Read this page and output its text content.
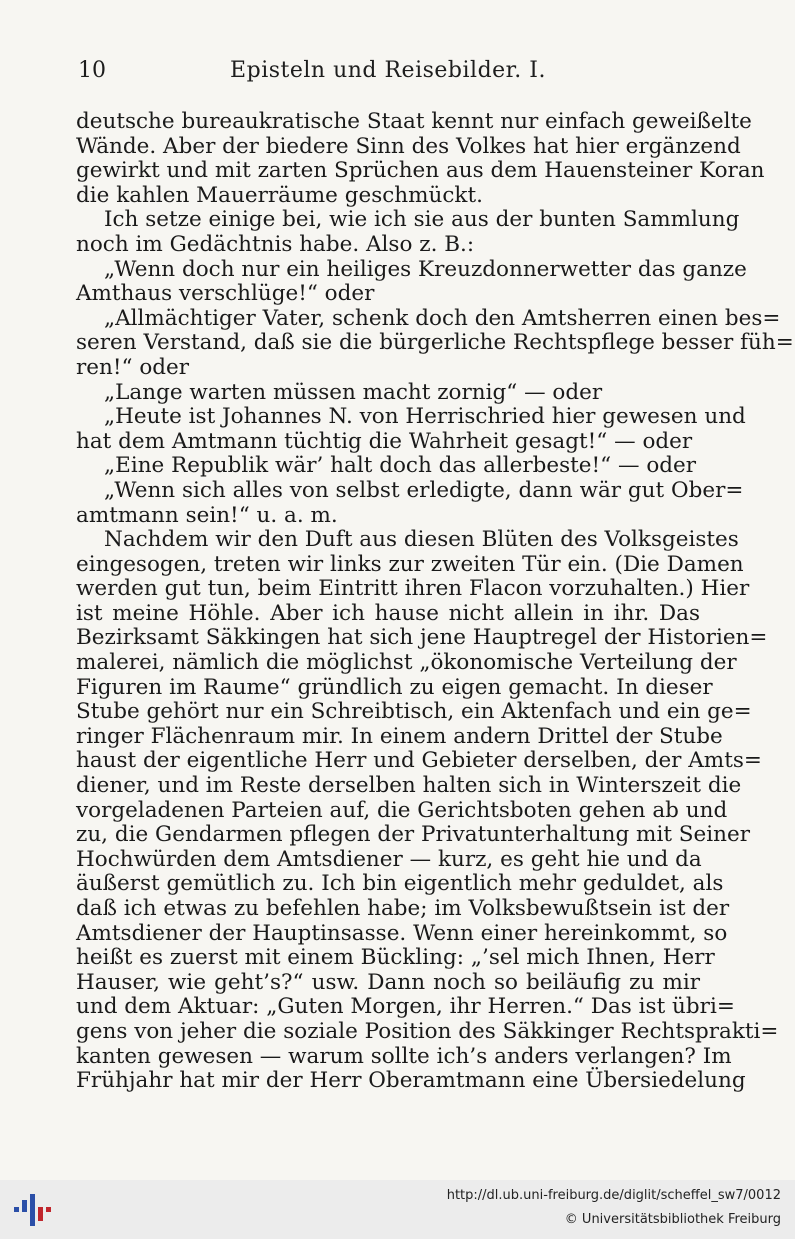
10	Episteln und Reisebilder. I.
deutsche bureaukratische Staat kennt nur einfach geweißelte
Wände. Aber der biedere Sinn des Volkes hat hier ergänzend
gewirkt und mit zarten Sprüchen aus dem Hauensteiner Koran
die kahlen Mauerräume geschmückt.
Ich setze einige bei, wie ich sie aus der bunten Sammlung
noch im Gedächtnis habe. Also z. B.:
„Wenn doch nur ein heiliges Kreuzdonnerwetter das ganze
Amthaus verschlüge!“ oder
„Allmächtiger Vater, schenk doch den Amtsherren einen bes=
seren Verstand, daß sie die bürgerliche Rechtspflege besser füh=
ren!“ oder
„Lange warten müssen macht zornig“ — oder
„Heute ist Johannes N. von Herrischried hier gewesen und
hat dem Amtmann tüchtig die Wahrheit gesagt!“ — oder
„Eine Republik wär’ halt doch das allerbeste!“ — oder
„Wenn sich alles von selbst erledigte, dann wär gut Ober=
amtmann sein!“ u. a. m.
Nachdem wir den Duft aus diesen Blüten des Volksgeistes
eingesogen, treten wir links zur zweiten Tür ein. (Die Damen
werden gut tun, beim Eintritt ihren Flacon vorzuhalten.) Hier
ist meine Höhle. Aber ich hause nicht allein in ihr. Das
Bezirksamt Säkkingen hat sich jene Hauptregel der Historien=
malerei, nämlich die möglichst „ökonomische Verteilung der
Figuren im Raume“ gründlich zu eigen gemacht. In dieser
Stube gehört nur ein Schreibtisch, ein Aktenfach und ein ge=
ringer Flächenraum mir. In einem andern Drittel der Stube
haust der eigentliche Herr und Gebieter derselben, der Amts=
diener, und im Reste derselben halten sich in Winterszeit die
vorgeladenen Parteien auf, die Gerichtsboten gehen ab und
zu, die Gendarmen pflegen der Privatunterhaltung mit Seiner
Hochwürden dem Amtsdiener — kurz, es geht hie und da
äußerst gemütlich zu. Ich bin eigentlich mehr geduldet, als
daß ich etwas zu befehlen habe; im Volksbewußtsein ist der
Amtsdiener der Hauptinsasse. Wenn einer hereinkommt, so
heißt es zuerst mit einem Bückling: „’sel mich Ihnen, Herr
Hauser, wie geht’s?“ usw. Dann noch so beiläufig zu mir
und dem Aktuar: „Guten Morgen, ihr Herren.“ Das ist übri=
gens von jeher die soziale Position des Säkkinger Rechtsprakti=
kanten gewesen — warum sollte ich’s anders verlangen? Im
Frühjahr hat mir der Herr Oberamtmann eine Übersiedelung
http://dl.ub.uni-freiburg.de/diglit/scheffel_sw7/0012
© Universitätsbibliothek Freiburg
